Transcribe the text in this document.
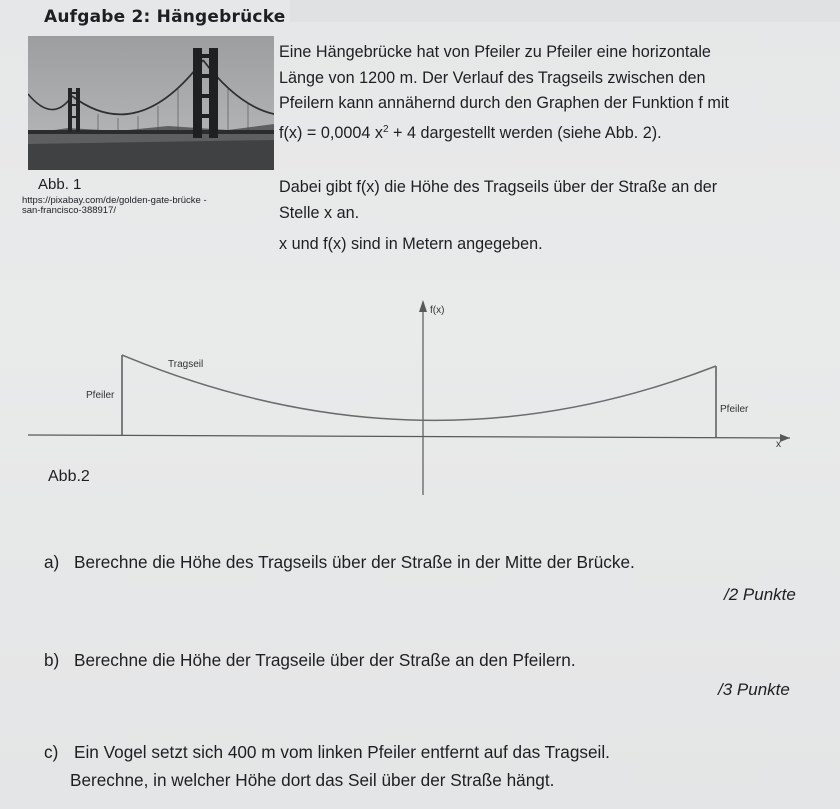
Aufgabe 2: Hängebrücke
Abb. 1
https://pixabay.com/de/golden-gate-brücke -
san-francisco-388917/
Eine Hängebrücke hat von Pfeiler zu Pfeiler eine horizontale
Länge von 1200 m. Der Verlauf des Tragseils zwischen den
Pfeilern kann annähernd durch den Graphen der Funktion f mit
f(x) = 0,0004 $x^2 + 4$ dargestellt werden (siehe Abb. 2).
Dabei gibt f(x) die Höhe des Tragseils über der Straße an der
Stelle x an.
x und f(x) sind in Metern angegeben.
f(x)
x
Tragseil
Pfeiler
Pfeiler
Abb.2
a) Berechne die Höhe des Tragseils über der Straße in der Mitte der Brücke.
/2 Punkte
b) Berechne die Höhe der Tragseile über der Straße an den Pfeilern.
/3 Punkte
c) Ein Vogel setzt sich 400 m vom linken Pfeiler entfernt auf das Tragseil.
Berechne, in welcher Höhe dort das Seil über der Straße hängt.
